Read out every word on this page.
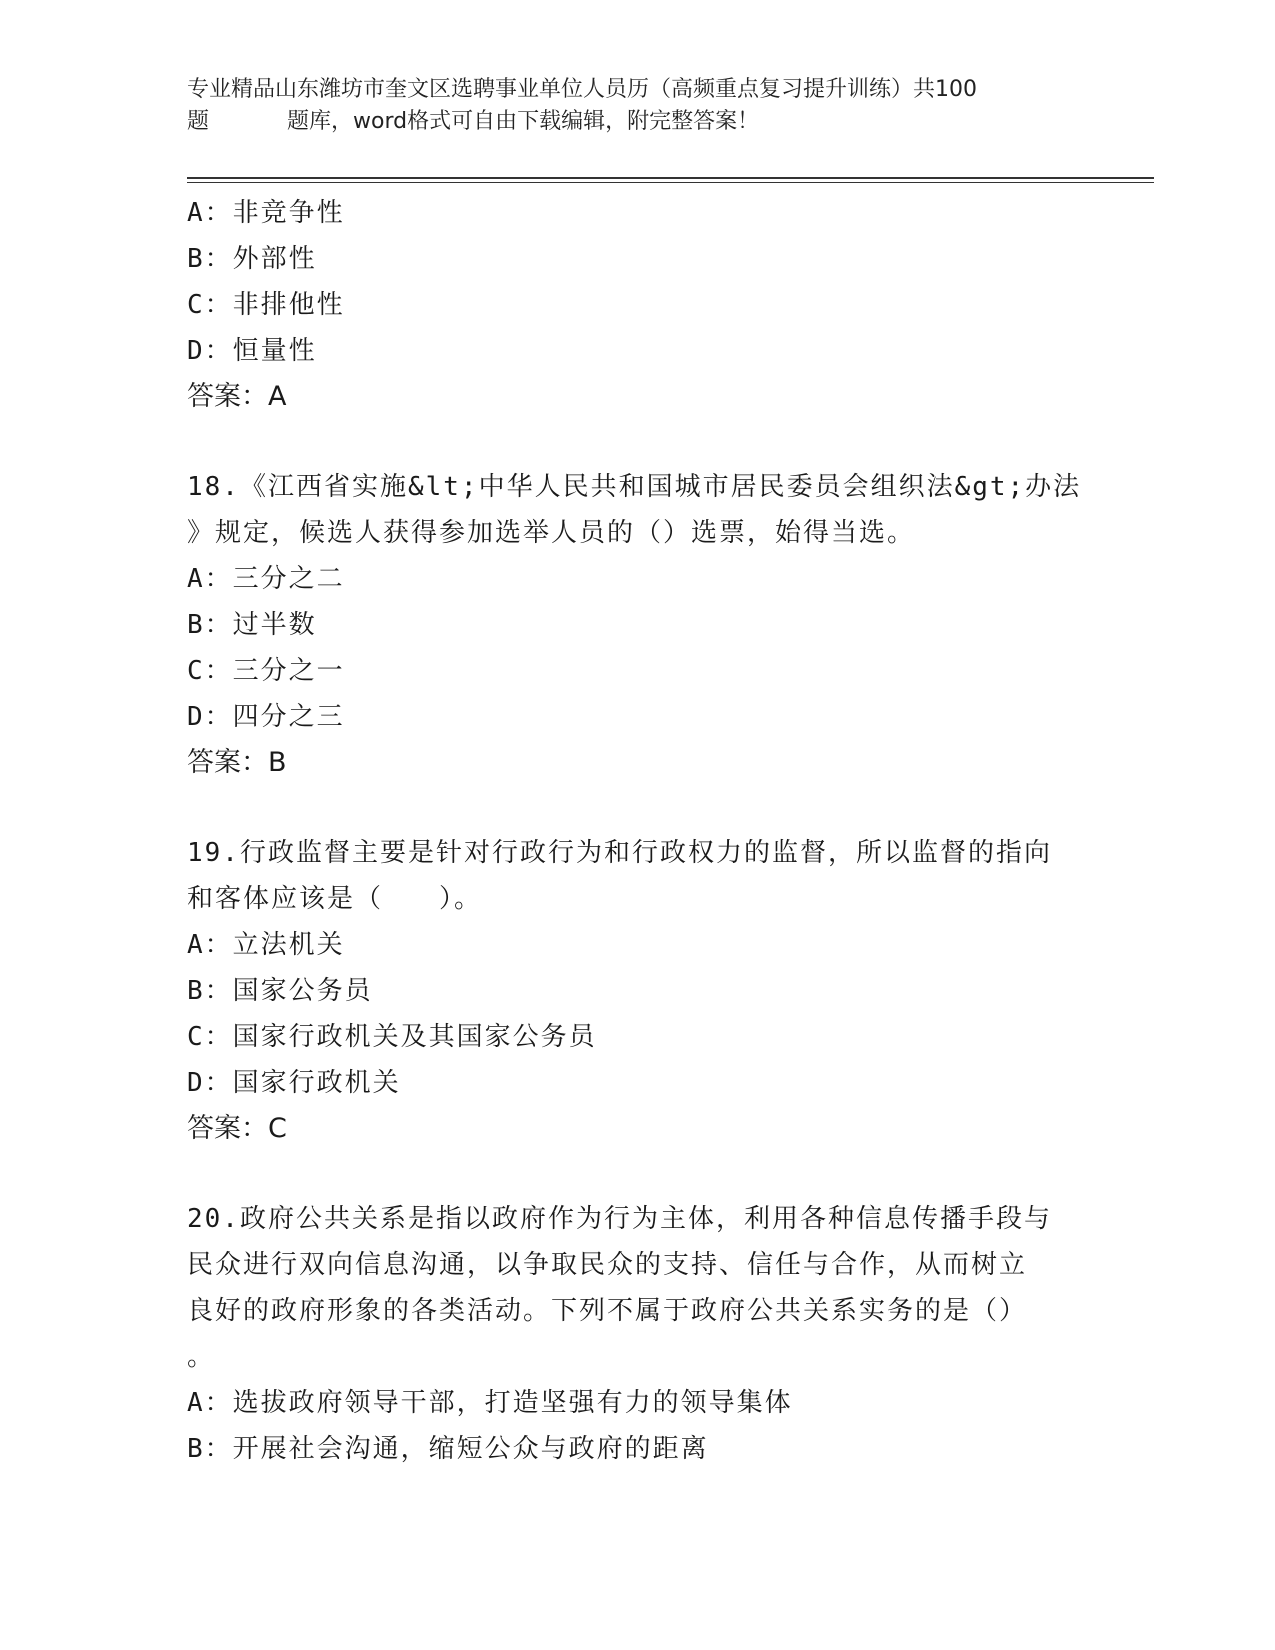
专业精品山东潍坊市奎文区选聘事业单位人员历（高频重点复习提升训练）共100
题	题库，word格式可自由下载编辑，附完整答案！
A：非竞争性
B：外部性
C：非排他性
D：恒量性
答案：A
18.《江西省实施&lt;中华人民共和国城市居民委员会组织法&gt;办法
》规定，候选人获得参加选举人员的（）选票，始得当选。
A：三分之二
B：过半数
C：三分之一
D：四分之三
答案：B
19.行政监督主要是针对行政行为和行政权力的监督，所以监督的指向
和客体应该是（　　）。
A：立法机关
B：国家公务员
C：国家行政机关及其国家公务员
D：国家行政机关
答案：C
20.政府公共关系是指以政府作为行为主体，利用各种信息传播手段与
民众进行双向信息沟通，以争取民众的支持、信任与合作，从而树立
良好的政府形象的各类活动。下列不属于政府公共关系实务的是（）
。
A：选拔政府领导干部，打造坚强有力的领导集体
B：开展社会沟通，缩短公众与政府的距离
